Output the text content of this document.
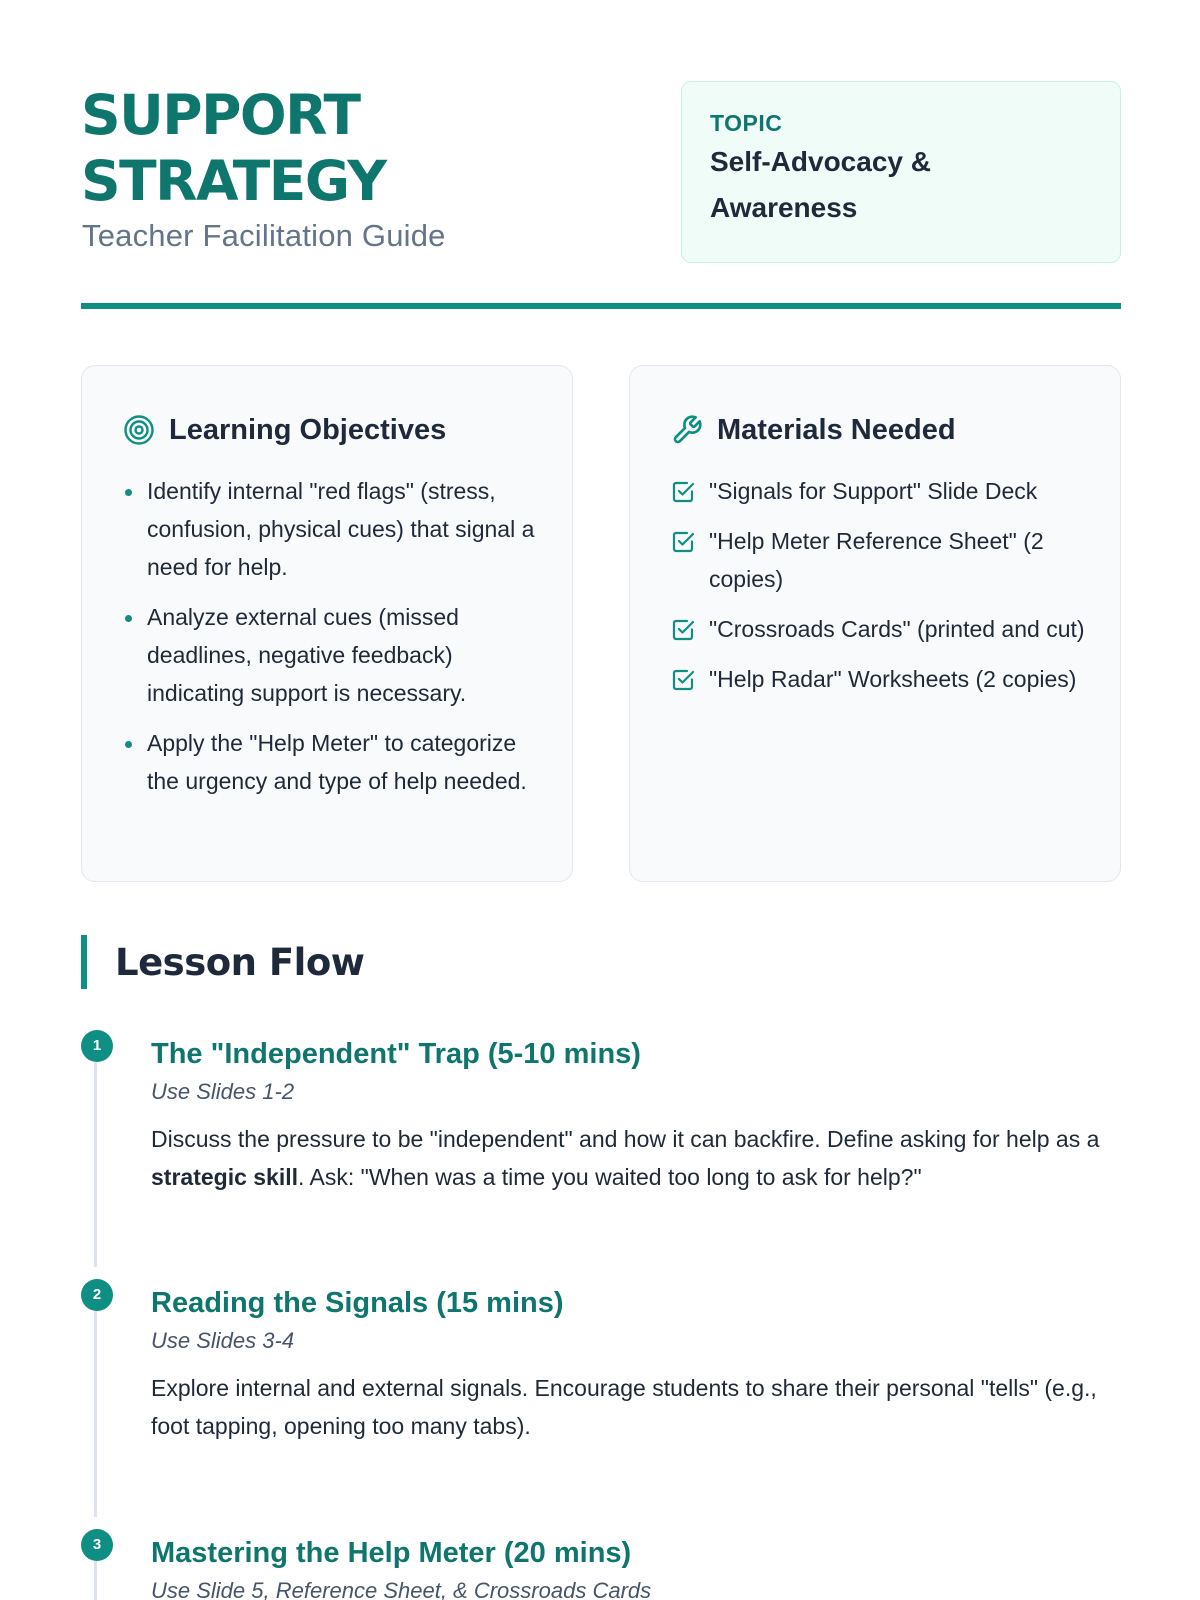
SUPPORT
STRATEGY
Teacher Facilitation Guide
TOPIC
Self-Advocacy &
Awareness
Learning Objectives
Identify internal "red flags" (stress, confusion, physical cues) that signal a need for help.
Analyze external cues (missed deadlines, negative feedback) indicating support is necessary.
Apply the "Help Meter" to categorize the urgency and type of help needed.
Materials Needed
"Signals for Support" Slide Deck
"Help Meter Reference Sheet" (2 copies)
"Crossroads Cards" (printed and cut)
"Help Radar" Worksheets (2 copies)
Lesson Flow
1	The "Independent" Trap (5-10 mins)
Use Slides 1-2
Discuss the pressure to be "independent" and how it can backfire. Define asking for help as a strategic skill. Ask: "When was a time you waited too long to ask for help?"
2	Reading the Signals (15 mins)
Use Slides 3-4
Explore internal and external signals. Encourage students to share their personal "tells" (e.g., foot tapping, opening too many tabs).
3	Mastering the Help Meter (20 mins)
Use Slide 5, Reference Sheet, & Crossroads Cards
